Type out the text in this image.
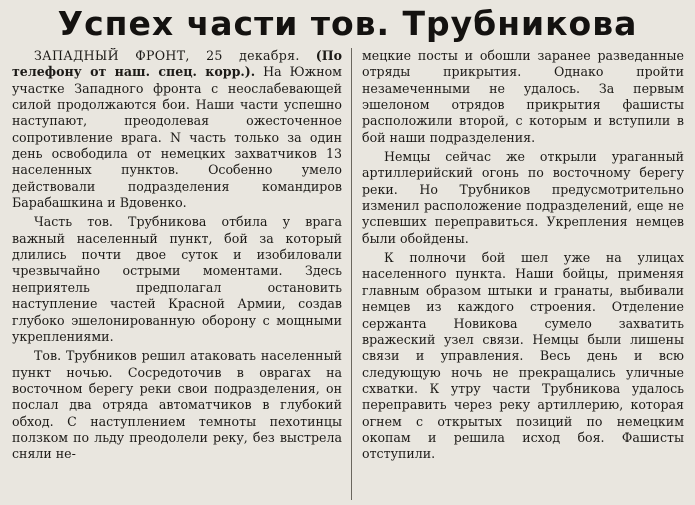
Успех части тов. Трубникова

ЗАПАДНЫЙ ФРОНТ, 25 декабря. (По телефону от наш. спец. корр.). На Южном участке Западного фронта с неослабевающей силой продолжаются бои. Наши части успешно наступают, преодолевая ожесточенное сопротивление врага. N часть только за один день освободила от немецких захватчиков 13 населенных пунктов. Особенно умело действовали подразделения командиров Барабашкина и Вдовенко.

Часть тов. Трубникова отбила у врага важный населенный пункт, бой за который длились почти двое суток и изобиловали чрезвычайно острыми моментами. Здесь неприятель предполагал остановить наступление частей Красной Армии, создав глубоко эшелонированную оборону с мощными укреплениями.

Тов. Трубников решил атаковать населенный пункт ночью. Сосредоточив в оврагах на восточном берегу реки свои подразделения, он послал два отряда автоматчиков в глубокий обход. С наступлением темноты пехотинцы ползком по льду преодолели реку, без выстрела сняли не-

мецкие посты и обошли заранее разведанные отряды прикрытия. Однако пройти незамеченными не удалось. За первым эшелоном отрядов прикрытия фашисты расположили второй, с которым и вступили в бой наши подразделения.

Немцы сейчас же открыли ураганный артиллерийский огонь по восточному берегу реки. Но Трубников предусмотрительно изменил расположение подразделений, еще не успевших переправиться. Укрепления немцев были обойдены.

К полночи бой шел уже на улицах населенного пункта. Наши бойцы, применяя главным образом штыки и гранаты, выбивали немцев из каждого строения. Отделение сержанта Новикова сумело захватить вражеский узел связи. Немцы были лишены связи и управления. Весь день и всю следующую ночь не прекращались уличные схватки. К утру части Трубникова удалось переправить через реку артиллерию, которая огнем с открытых позиций по немецким окопам и решила исход боя. Фашисты отступили.
